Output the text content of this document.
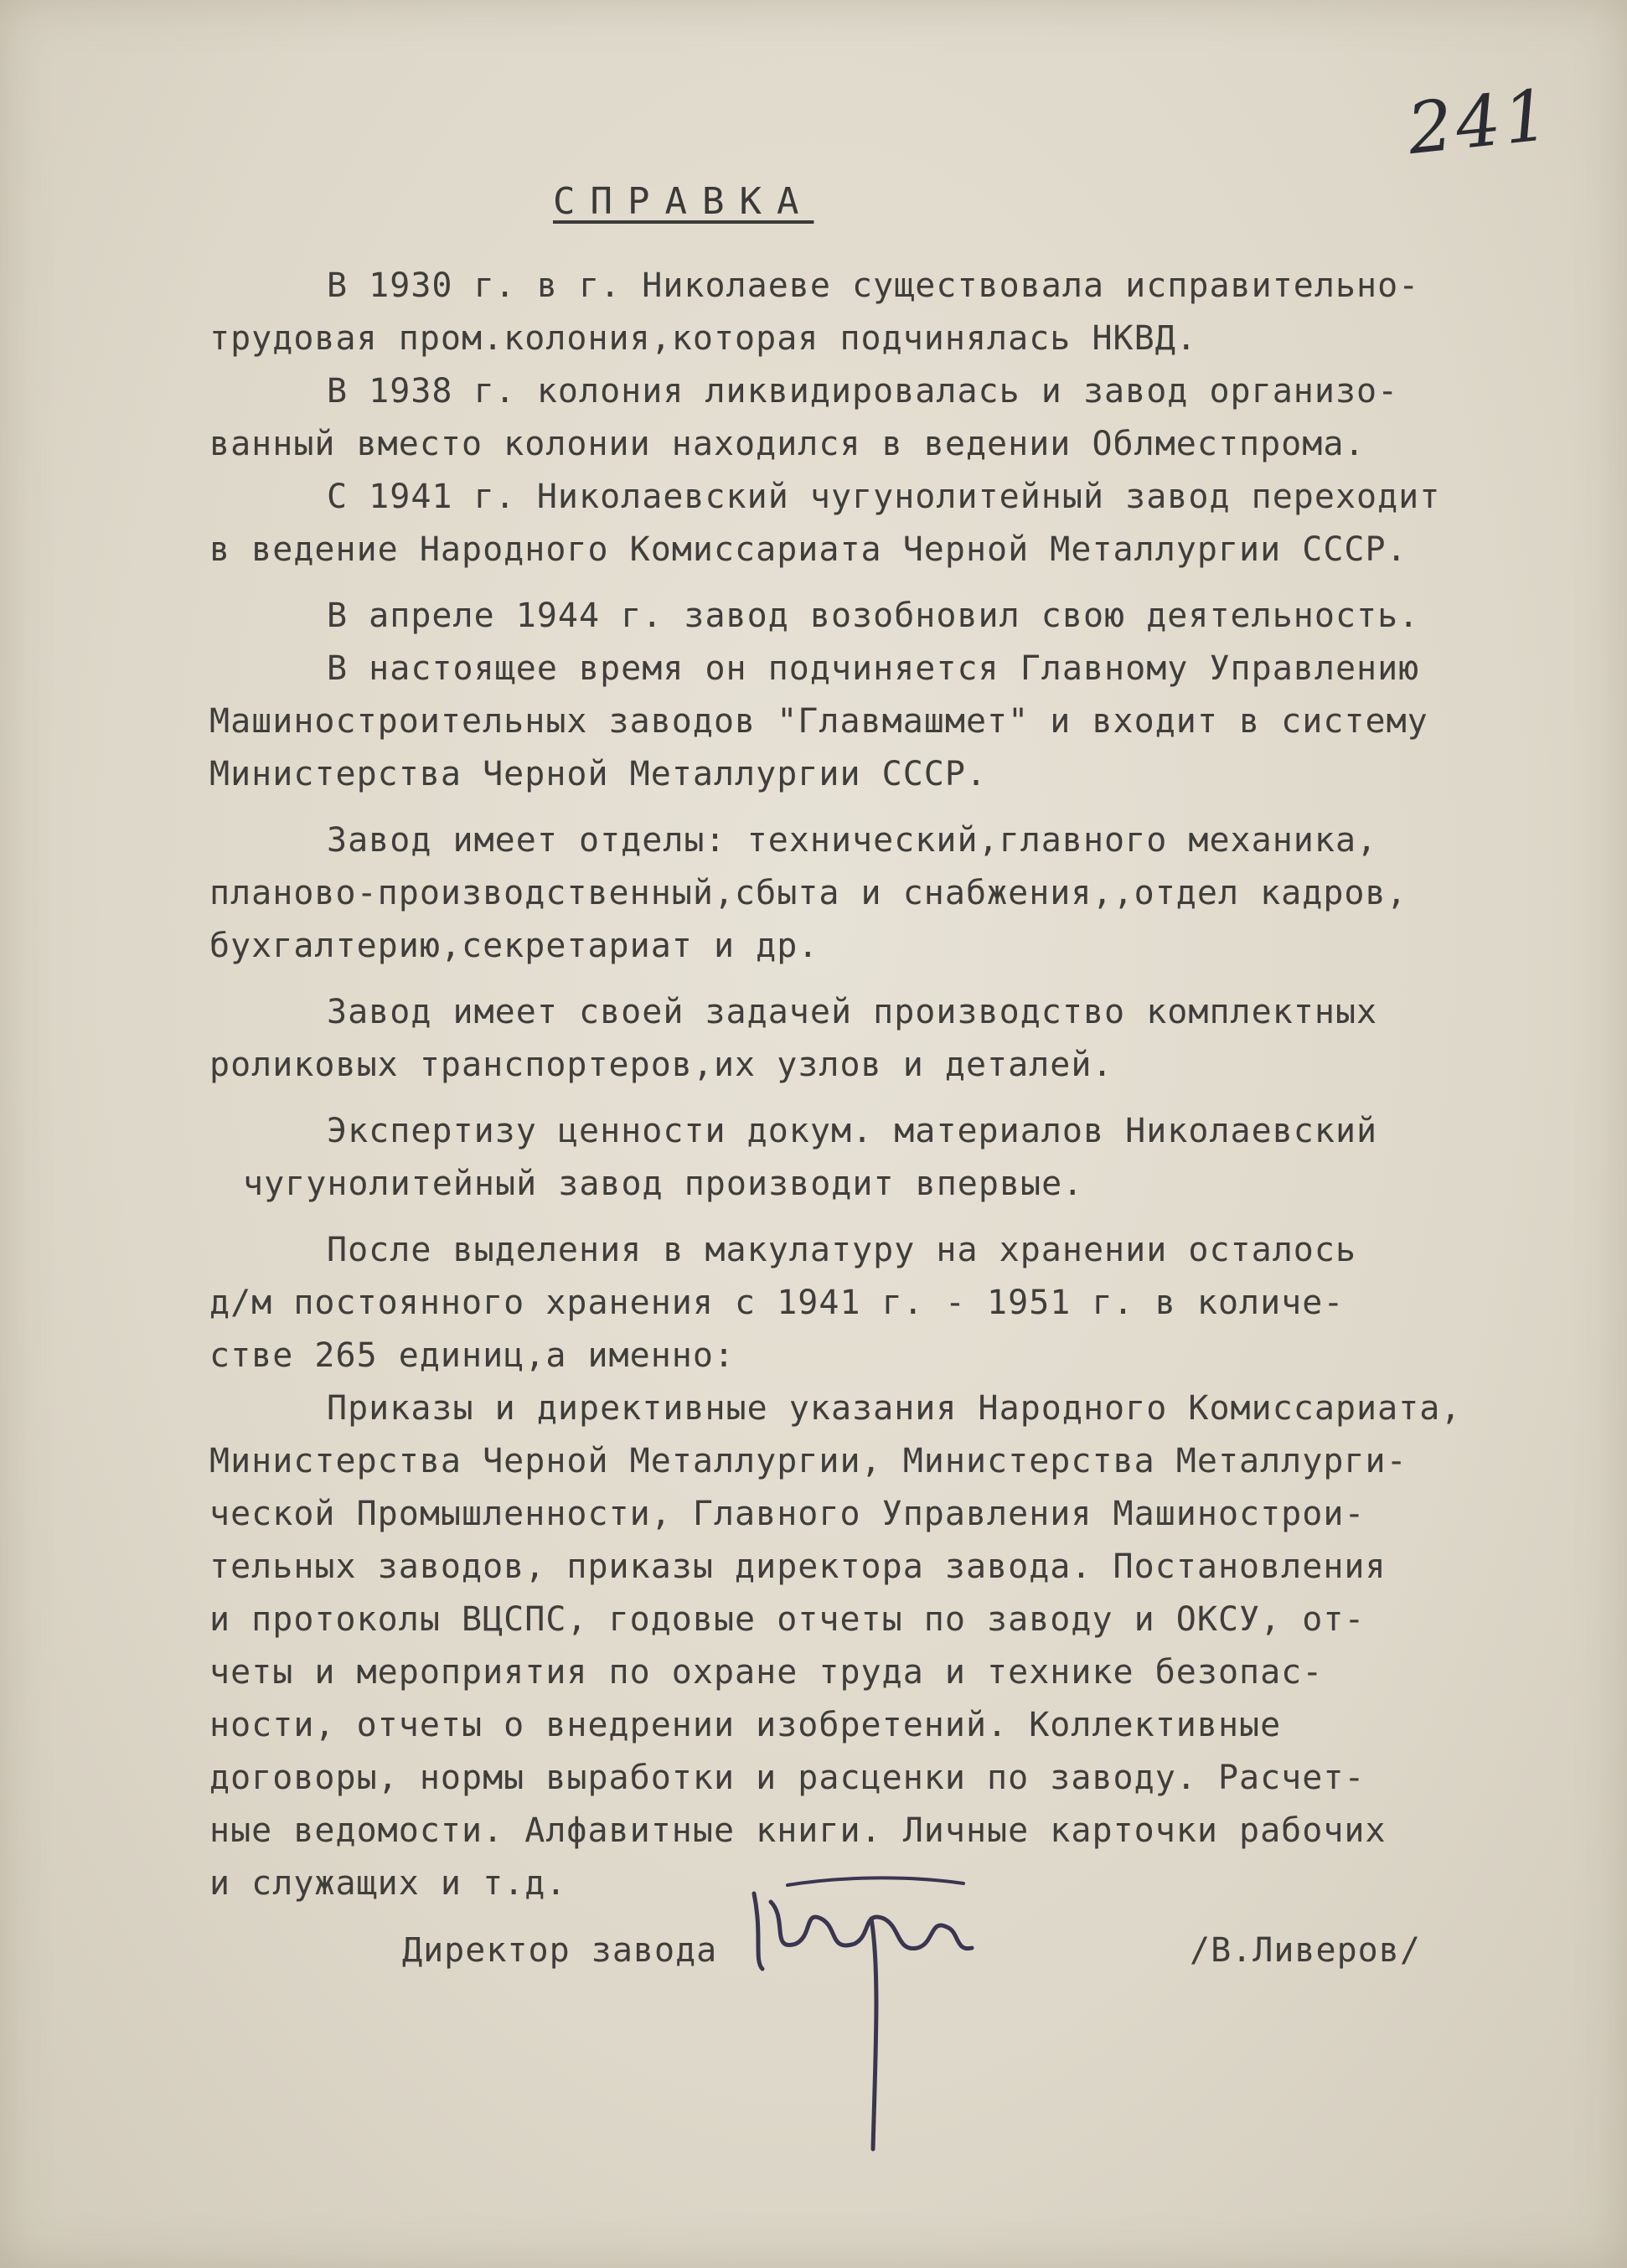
241
СПРАВКА
В 1930 г. в г. Николаеве существовала исправительно-
трудовая пром.колония,которая подчинялась НКВД.
В 1938 г. колония ликвидировалась и завод организо-
ванный вместо колонии находился в ведении Облместпрома.
С 1941 г. Николаевский чугунолитейный завод переходит
в ведение Народного Комиссариата Черной Металлургии СССР.
В апреле 1944 г. завод возобновил свою деятельность.
В настоящее время он подчиняется Главному Управлению
Машиностроительных заводов "Главмашмет" и входит в систему
Министерства Черной Металлургии СССР.
Завод имеет отделы: технический,главного механика,
планово-производственный,сбыта и снабжения,,отдел кадров,
бухгалтерию,секретариат и др.
Завод имеет своей задачей производство комплектных
роликовых транспортеров,их узлов и деталей.
Экспертизу ценности докум. материалов Николаевский
чугунолитейный завод производит впервые.
После выделения в макулатуру на хранении осталось
д/м постоянного хранения с 1941 г. - 1951 г. в количе-
стве 265 единиц,а именно:
Приказы и директивные указания Народного Комиссариата,
Министерства Черной Металлургии, Министерства Металлурги-
ческой Промышленности, Главного Управления Машинострои-
тельных заводов, приказы директора завода. Постановления
и протоколы ВЦСПС, годовые отчеты по заводу и ОКСУ, от-
четы и мероприятия по охране труда и технике безопас-
ности, отчеты о внедрении изобретений. Коллективные
договоры, нормы выработки и расценки по заводу. Расчет-
ные ведомости. Алфавитные книги. Личные карточки рабочих
и служащих и т.д.
Директор завода	/В.Ливеров/
